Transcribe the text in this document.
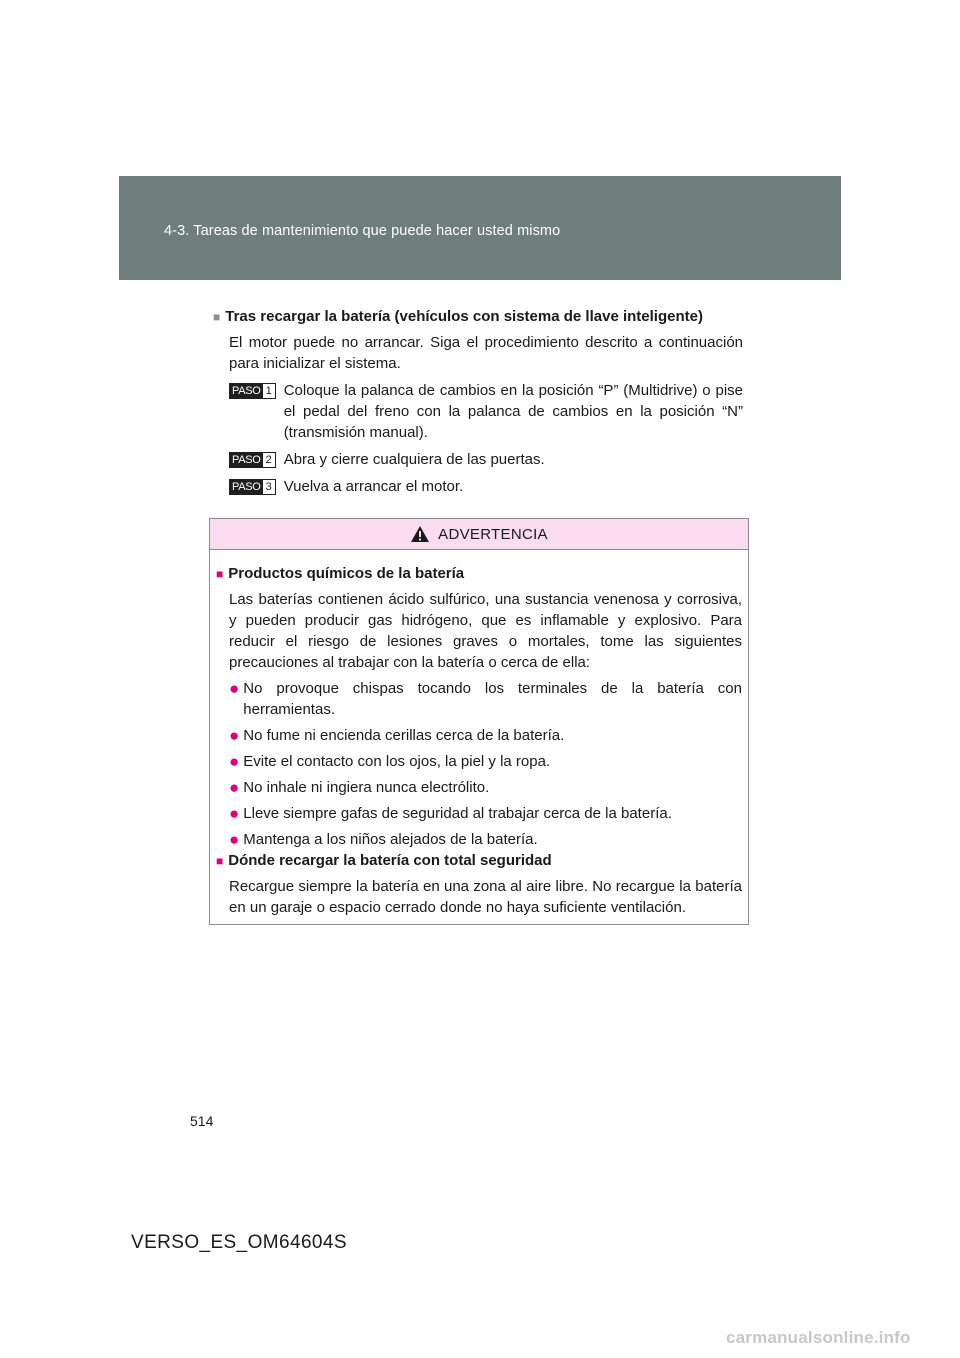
4-3. Tareas de mantenimiento que puede hacer usted mismo
■ Tras recargar la batería (vehículos con sistema de llave inteligente)
El motor puede no arrancar. Siga el procedimiento descrito a continuación para inicializar el sistema.
PASO 1 Coloque la palanca de cambios en la posición “P” (Multidrive) o pise el pedal del freno con la palanca de cambios en la posición “N” (transmisión manual).
PASO 2 Abra y cierre cualquiera de las puertas.
PASO 3 Vuelva a arrancar el motor.
ADVERTENCIA
■ Productos químicos de la batería
Las baterías contienen ácido sulfúrico, una sustancia venenosa y corrosiva, y pueden producir gas hidrógeno, que es inflamable y explosivo. Para reducir el riesgo de lesiones graves o mortales, tome las siguientes precauciones al trabajar con la batería o cerca de ella:
● No provoque chispas tocando los terminales de la batería con herramientas.
● No fume ni encienda cerillas cerca de la batería.
● Evite el contacto con los ojos, la piel y la ropa.
● No inhale ni ingiera nunca electrólito.
● Lleve siempre gafas de seguridad al trabajar cerca de la batería.
● Mantenga a los niños alejados de la batería.
■ Dónde recargar la batería con total seguridad
Recargue siempre la batería en una zona al aire libre. No recargue la batería en un garaje o espacio cerrado donde no haya suficiente ventilación.
514
VERSO_ES_OM64604S
carmanualsonline.info
